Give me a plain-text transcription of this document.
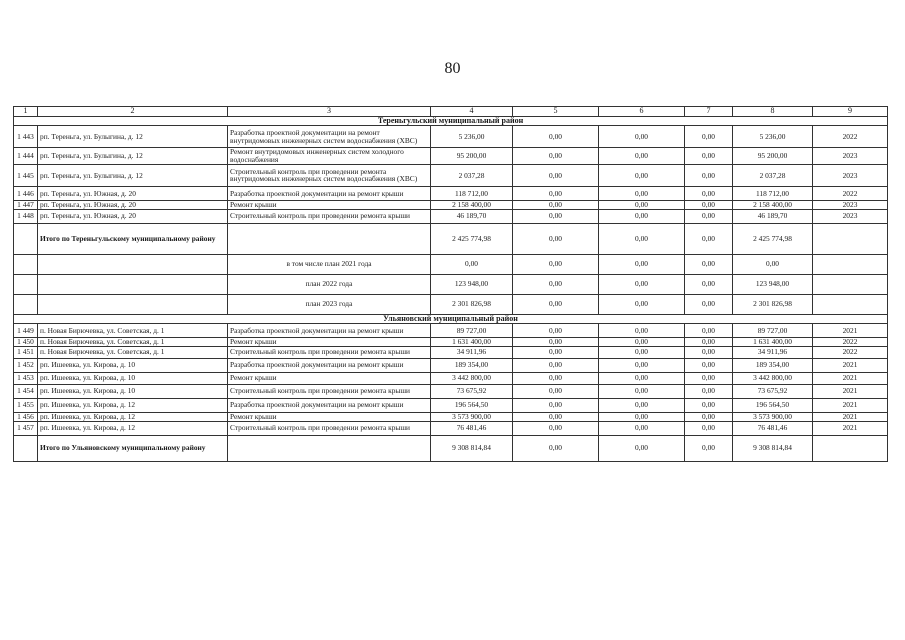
80
1	2	3	4	5	6	7	8	9
Тереньгульский муниципальный район								
1 443	рп. Тереньга, ул. Булыгина, д. 12	Разработка проектной документации на ремонт внутридомовых инженерных систем водоснабжения (ХВС)	5 236,00	0,00	0,00	0,00	5 236,00	2022
1 444	рп. Тереньга, ул. Булыгина, д. 12	Ремонт внутридомовых инженерных систем холодного водоснабжения	95 200,00	0,00	0,00	0,00	95 200,00	2023
1 445	рп. Тереньга, ул. Булыгина, д. 12	Строительный контроль при проведении ремонта внутридомовых инженерных систем водоснабжения (ХВС)	2 037,28	0,00	0,00	0,00	2 037,28	2023
1 446	рп. Тереньга, ул. Южная, д. 20	Разработка проектной документации на ремонт крыши	118 712,00	0,00	0,00	0,00	118 712,00	2022
1 447	рп. Тереньга, ул. Южная, д. 20	Ремонт крыши	2 158 400,00	0,00	0,00	0,00	2 158 400,00	2023
1 448	рп. Тереньга, ул. Южная, д. 20	Строительный контроль при проведении ремонта крыши	46 189,70	0,00	0,00	0,00	46 189,70	2023
	Итого по Тереньгульскому муниципальному району		2 425 774,98	0,00	0,00	0,00	2 425 774,98	
		в том числе план 2021 года	0,00	0,00	0,00	0,00	0,00	
		план 2022 года	123 948,00	0,00	0,00	0,00	123 948,00	
		план 2023 года	2 301 826,98	0,00	0,00	0,00	2 301 826,98	
Ульяновский муниципальный район								
1 449	п. Новая Бирючевка, ул. Советская, д. 1	Разработка проектной документации на ремонт крыши	89 727,00	0,00	0,00	0,00	89 727,00	2021
1 450	п. Новая Бирючевка, ул. Советская, д. 1	Ремонт крыши	1 631 400,00	0,00	0,00	0,00	1 631 400,00	2022
1 451	п. Новая Бирючевка, ул. Советская, д. 1	Строительный контроль при проведении ремонта крыши	34 911,96	0,00	0,00	0,00	34 911,96	2022
1 452	рп. Ишеевка, ул. Кирова, д. 10	Разработка проектной документации на ремонт крыши	189 354,00	0,00	0,00	0,00	189 354,00	2021
1 453	рп. Ишеевка, ул. Кирова, д. 10	Ремонт крыши	3 442 800,00	0,00	0,00	0,00	3 442 800,00	2021
1 454	рп. Ишеевка, ул. Кирова, д. 10	Строительный контроль при проведении ремонта крыши	73 675,92	0,00	0,00	0,00	73 675,92	2021
1 455	рп. Ишеевка, ул. Кирова, д. 12	Разработка проектной документации на ремонт крыши	196 564,50	0,00	0,00	0,00	196 564,50	2021
1 456	рп. Ишеевка, ул. Кирова, д. 12	Ремонт крыши	3 573 900,00	0,00	0,00	0,00	3 573 900,00	2021
1 457	рп. Ишеевка, ул. Кирова, д. 12	Строительный контроль при проведении ремонта крыши	76 481,46	0,00	0,00	0,00	76 481,46	2021
	Итого по Ульяновскому муниципальному району		9 308 814,84	0,00	0,00	0,00	9 308 814,84	
